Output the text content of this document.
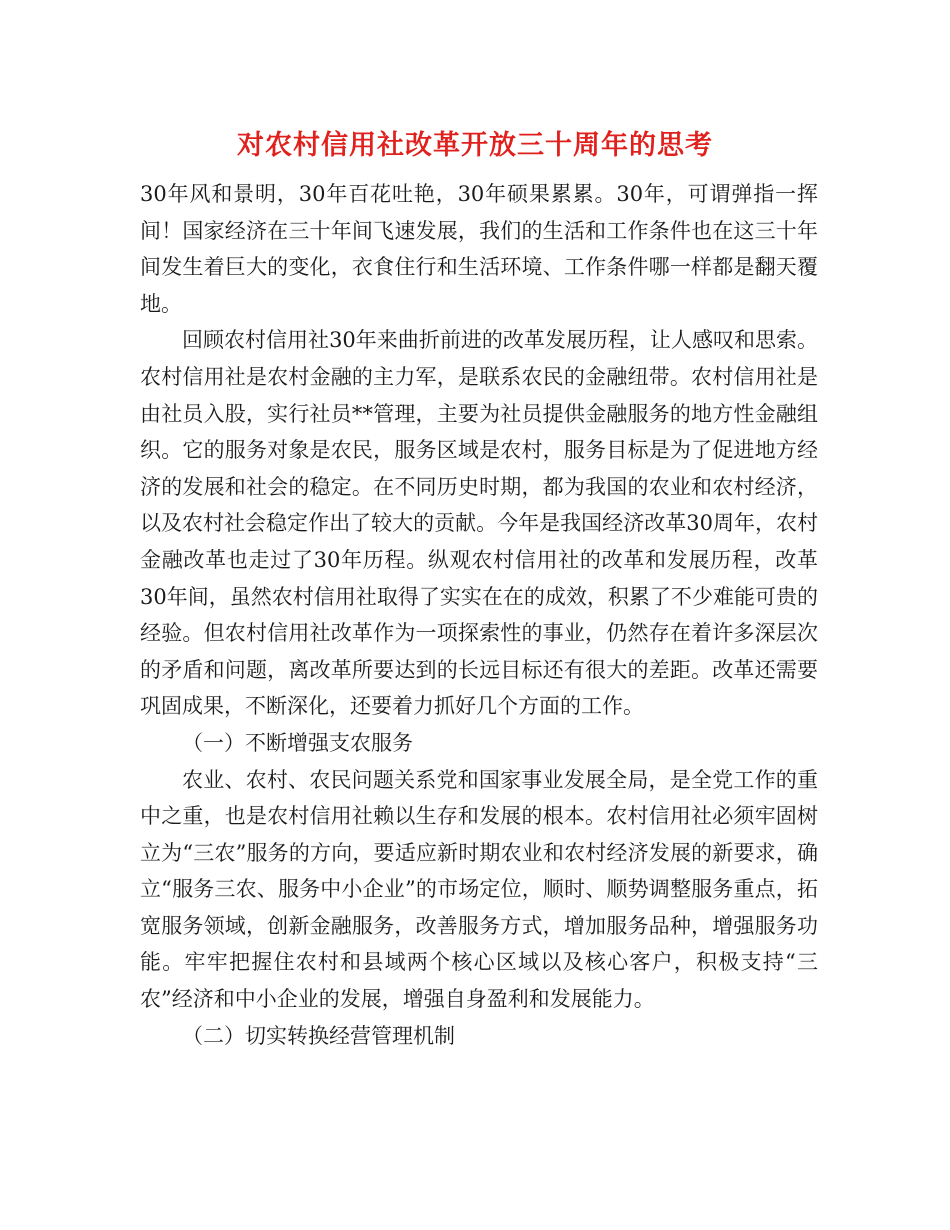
对农村信用社改革开放三十周年的思考

30年风和景明，30年百花吐艳，30年硕果累累。30年，可谓弹指一挥间！国家经济在三十年间飞速发展，我们的生活和工作条件也在这三十年间发生着巨大的变化，衣食住行和生活环境、工作条件哪一样都是翻天覆地。

回顾农村信用社30年来曲折前进的改革发展历程，让人感叹和思索。农村信用社是农村金融的主力军，是联系农民的金融纽带。农村信用社是由社员入股，实行社员**管理，主要为社员提供金融服务的地方性金融组织。它的服务对象是农民，服务区域是农村，服务目标是为了促进地方经济的发展和社会的稳定。在不同历史时期，都为我国的农业和农村经济，以及农村社会稳定作出了较大的贡献。今年是我国经济改革30周年，农村金融改革也走过了30年历程。纵观农村信用社的改革和发展历程，改革30年间，虽然农村信用社取得了实实在在的成效，积累了不少难能可贵的经验。但农村信用社改革作为一项探索性的事业，仍然存在着许多深层次的矛盾和问题，离改革所要达到的长远目标还有很大的差距。改革还需要巩固成果，不断深化，还要着力抓好几个方面的工作。

（一）不断增强支农服务

农业、农村、农民问题关系党和国家事业发展全局，是全党工作的重中之重，也是农村信用社赖以生存和发展的根本。农村信用社必须牢固树立为“三农”服务的方向，要适应新时期农业和农村经济发展的新要求，确立“服务三农、服务中小企业”的市场定位，顺时、顺势调整服务重点，拓宽服务领域，创新金融服务，改善服务方式，增加服务品种，增强服务功能。牢牢把握住农村和县域两个核心区域以及核心客户，积极支持“三农”经济和中小企业的发展，增强自身盈利和发展能力。

（二）切实转换经营管理机制
